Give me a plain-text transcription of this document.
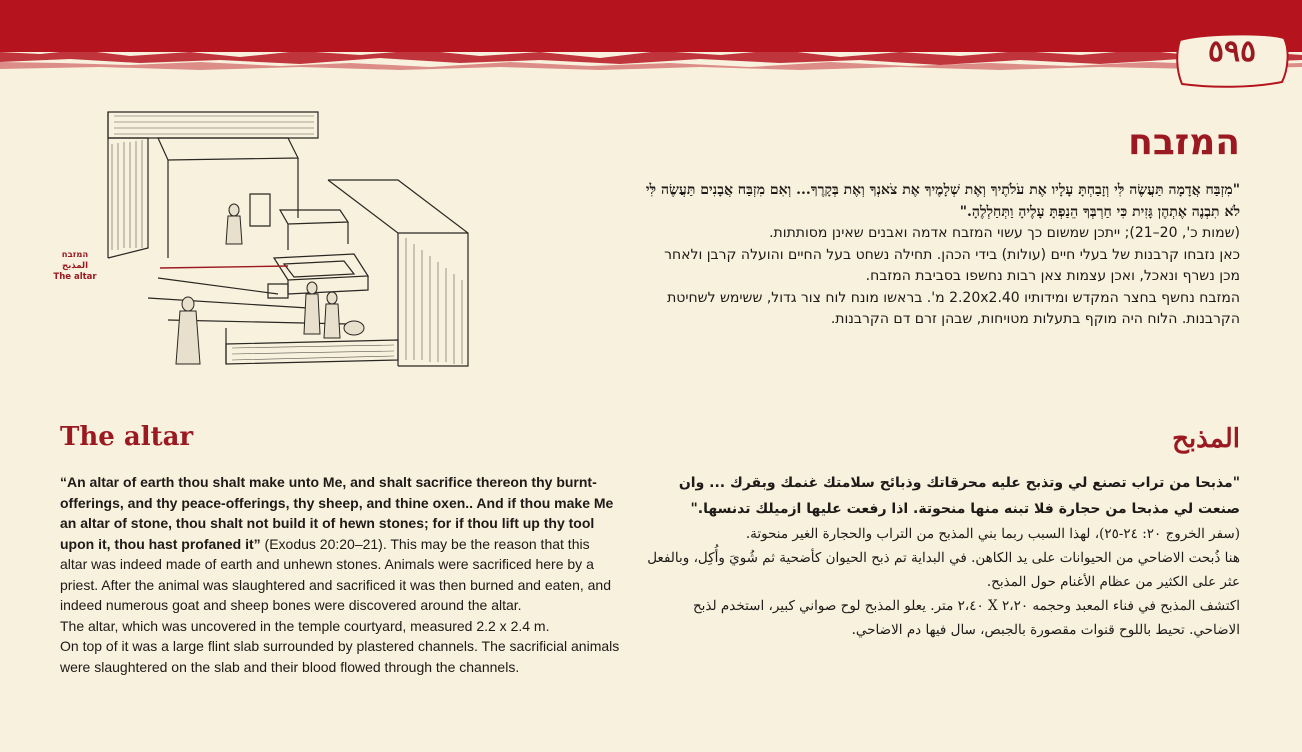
٥٩٥
המזבח
المذبح
The altar
המזבח

"מִזְבַּח אֲדָמָה תַּעֲשֶׂה לִּי וְזָבַחְתָּ עָלָיו אֶת עֹלֹתֶיךָ וְאֶת שְׁלָמֶיךָ אֶת צֹאנְךָ וְאֶת בְּקָרֶךָ... וְאִם מִזְבַּח אֲבָנִים תַּעֲשֶׂה לִּי לֹא תִבְנֶה אֶתְהֶן גָּזִית כִּי חַרְבְּךָ הֵנַפְתָּ עָלֶיהָ וַתְּחַלְלֶהָ."

(שמות כ', 20–21); ייתכן שמשום כך עשוי המזבח אדמה ואבנים שאינן מסותתות.

כאן נזבחו קרבנות של בעלי חיים (עולות) בידי הכהן. תחילה נשחט בעל החיים והועלה קרבן ולאחר מכן נשרף ונאכל, ואכן עצמות צאן רבות נחשפו בסביבת המזבח.

המזבח נחשף בחצר המקדש ומידותיו 2.20x2.40 מ'. בראשו מונח לוח צור גדול, ששימש לשחיטת הקרבנות. הלוח היה מוקף בתעלות מטויחות, שבהן זרם דם הקרבנות.

المذبح

"مذبحا من تراب تصنع لي وتذبح عليه محرقاتك وذبائح سلامتك غنمك وبقرك ... وان صنعت لي مذبحا من حجارة فلا تبنه منها منحوتة. اذا رفعت عليها ازميلك تدنسها."

(سفر الخروج ٢٠: ٢٤-٢٥)، لهذا السبب ربما بني المذبح من التراب والحجارة الغير منحوتة.

هنا ذُبحت الاضاحي من الحيوانات على يد الكاهن. في البداية تم ذبح الحيوان كأضحية ثم شُويَ وأُكِل، وبالفعل عثر على الكثير من عظام الأغنام حول المذبح.

اكتشف المذبح في فناء المعبد وحجمه ٢،٢٠ X ٢،٤٠ متر. يعلو المذبح لوح صواني كبير، استخدم لذبح الاضاحي. تحيط باللوح قنوات مقصورة بالجبص، سال فيها دم الاضاحي.

The altar

“An altar of earth thou shalt make unto Me, and shalt sacrifice thereon thy burnt-offerings, and thy peace-offerings, thy sheep, and thine oxen.. And if thou make Me an altar of stone, thou shalt not build it of hewn stones; for if thou lift up thy tool upon it, thou hast profaned it” (Exodus 20:20–21). This may be the reason that this altar was indeed made of earth and unhewn stones. Animals were sacrificed here by a priest. After the animal was slaughtered and sacrificed it was then burned and eaten, and indeed numerous goat and sheep bones were discovered around the altar.

The altar, which was uncovered in the temple courtyard, measured 2.2 x 2.4 m.

On top of it was a large flint slab surrounded by plastered channels. The sacrificial animals were slaughtered on the slab and their blood flowed through the channels.
